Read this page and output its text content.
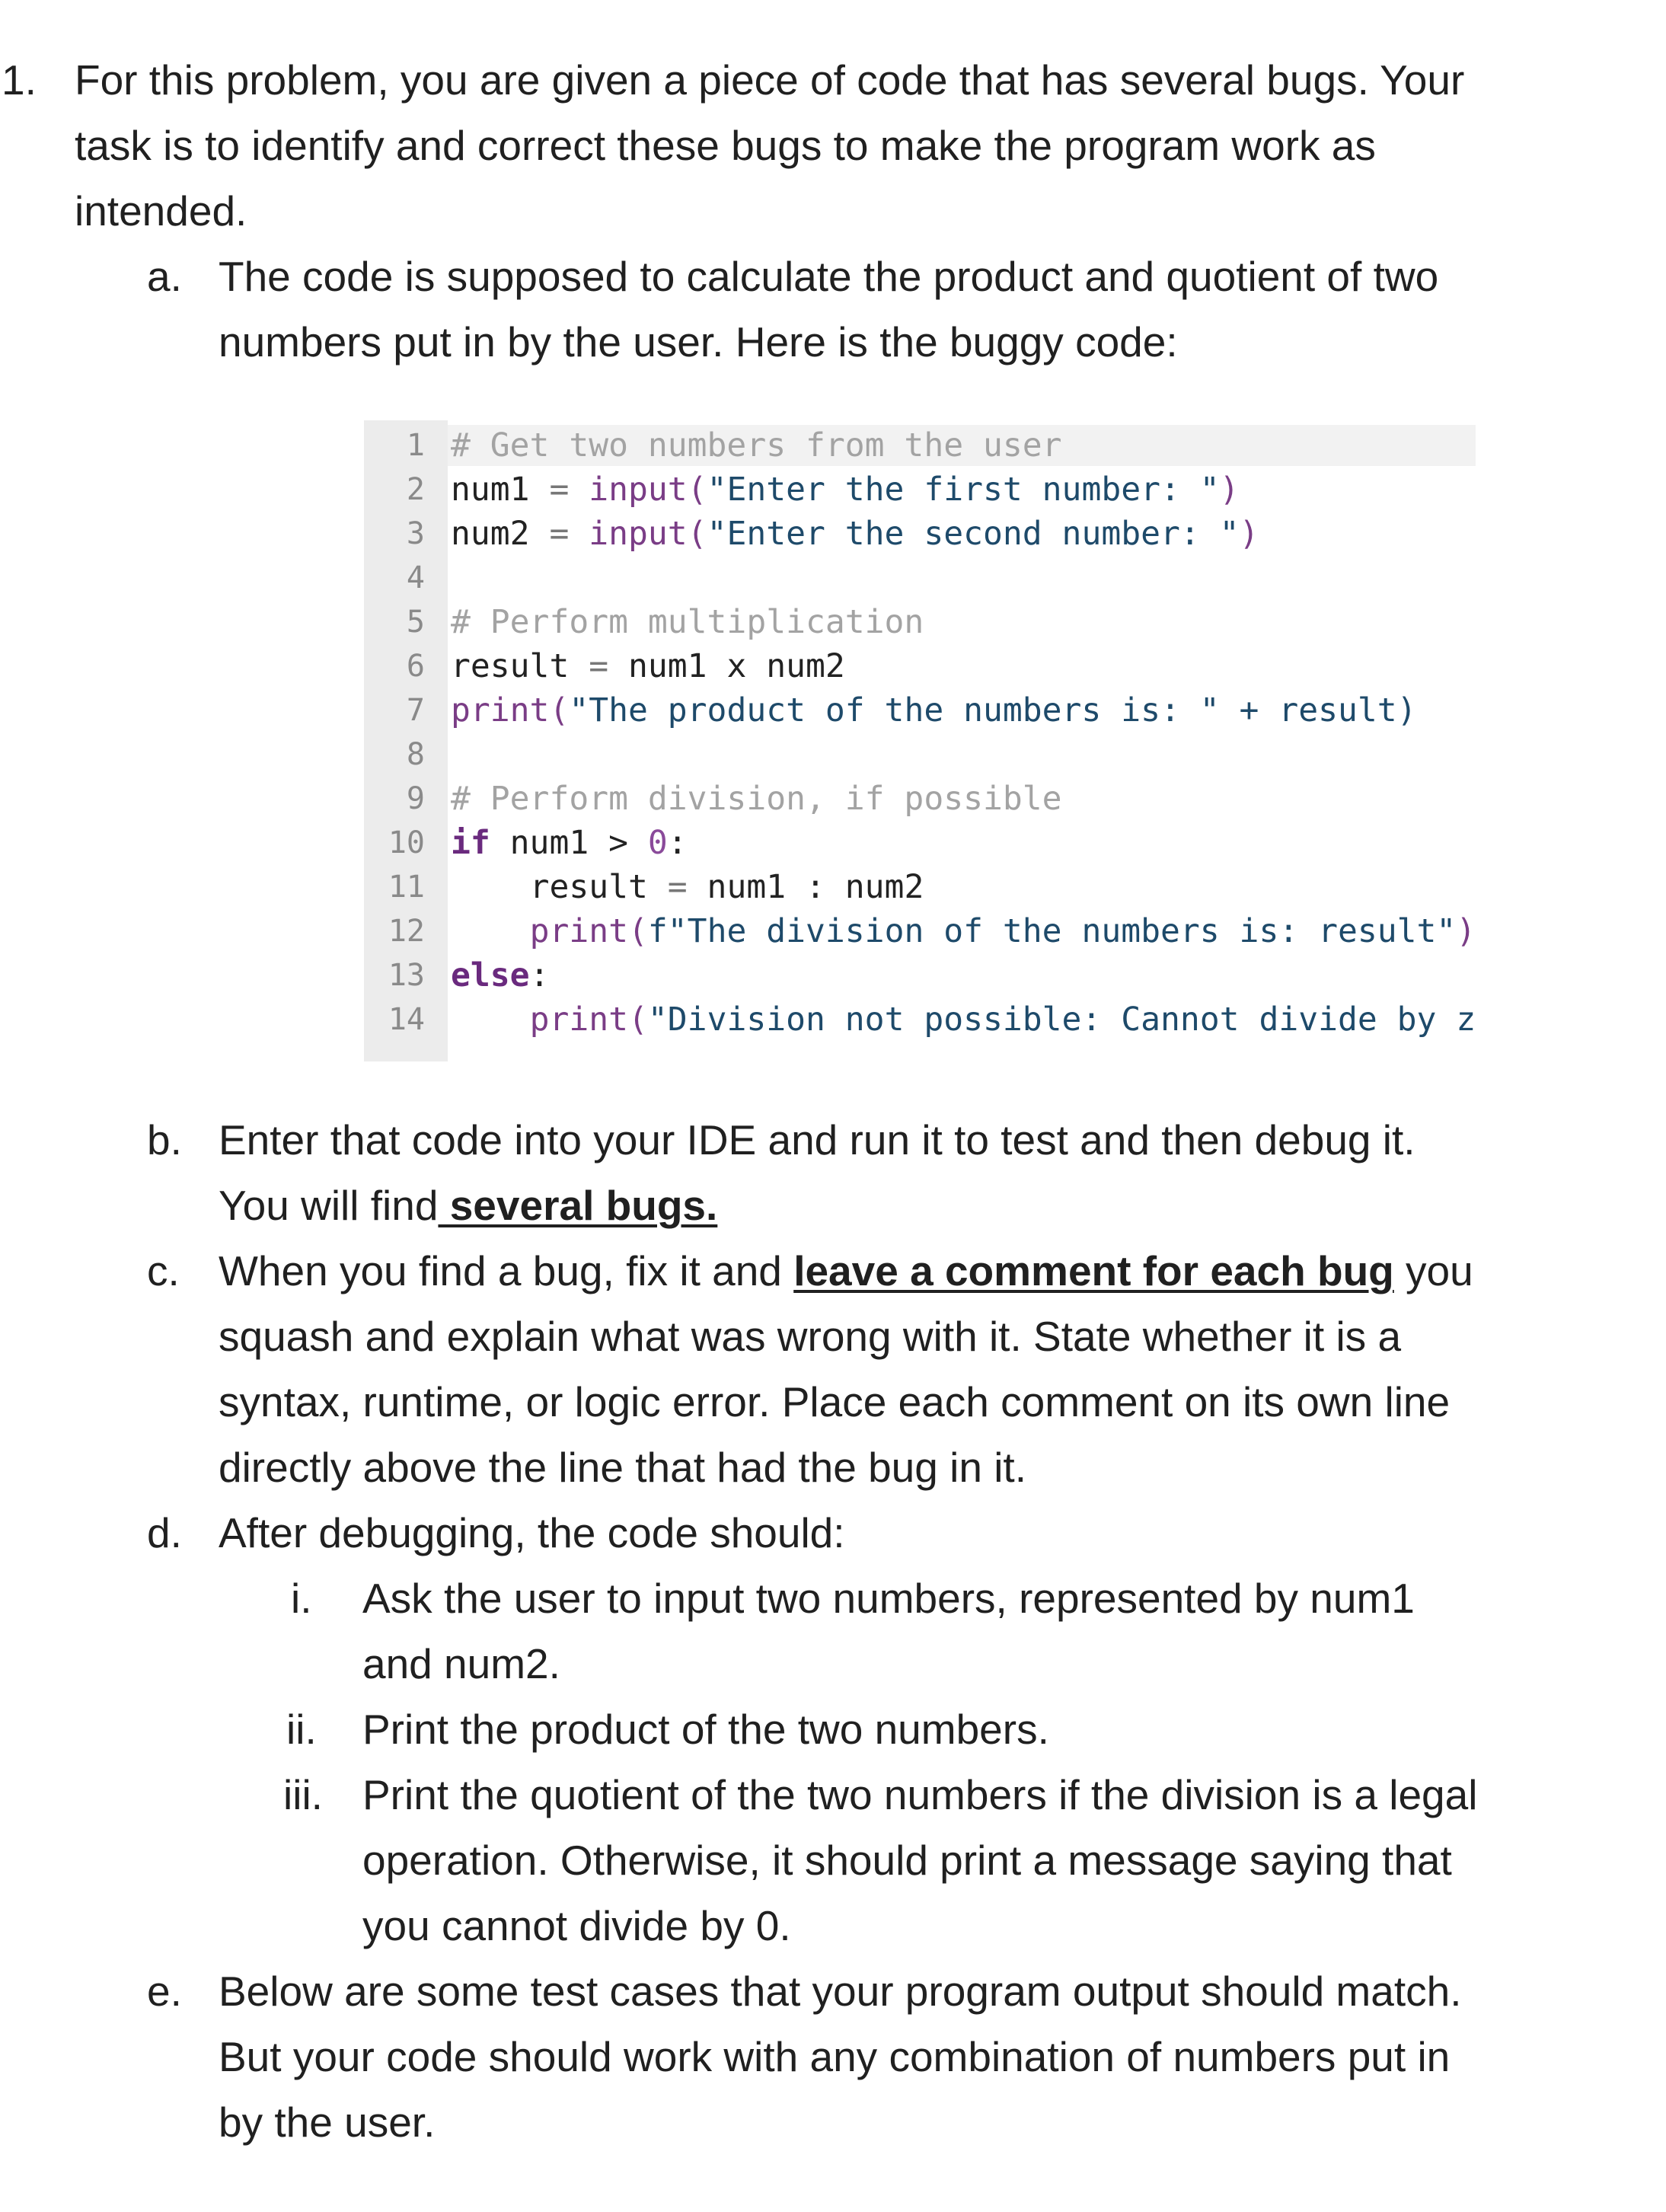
1. For this problem, you are given a piece of code that has several bugs. Your
task is to identify and correct these bugs to make the program work as
intended.
a. The code is supposed to calculate the product and quotient of two
numbers put in by the user. Here is the buggy code:
1
2
3
4
5
6
7
8
9
10
11
12
13
14
# Get two numbers from the user
num1 = input("Enter the first number: ")
num2 = input("Enter the second number: ")
# Perform multiplication
result = num1 x num2
print("The product of the numbers is: " + result)
# Perform division, if possible
if num1 > 0:
result = num1 : num2
print(f"The division of the numbers is: result")
else:
print("Division not possible: Cannot divide by z
b. Enter that code into your IDE and run it to test and then debug it.
You will find several bugs.
c. When you find a bug, fix it and leave a comment for each bug you
squash and explain what was wrong with it. State whether it is a
syntax, runtime, or logic error. Place each comment on its own line
directly above the line that had the bug in it.
d. After debugging, the code should:
i. Ask the user to input two numbers, represented by num1
and num2.
ii. Print the product of the two numbers.
iii. Print the quotient of the two numbers if the division is a legal
operation. Otherwise, it should print a message saying that
you cannot divide by 0.
e. Below are some test cases that your program output should match.
But your code should work with any combination of numbers put in
by the user.
